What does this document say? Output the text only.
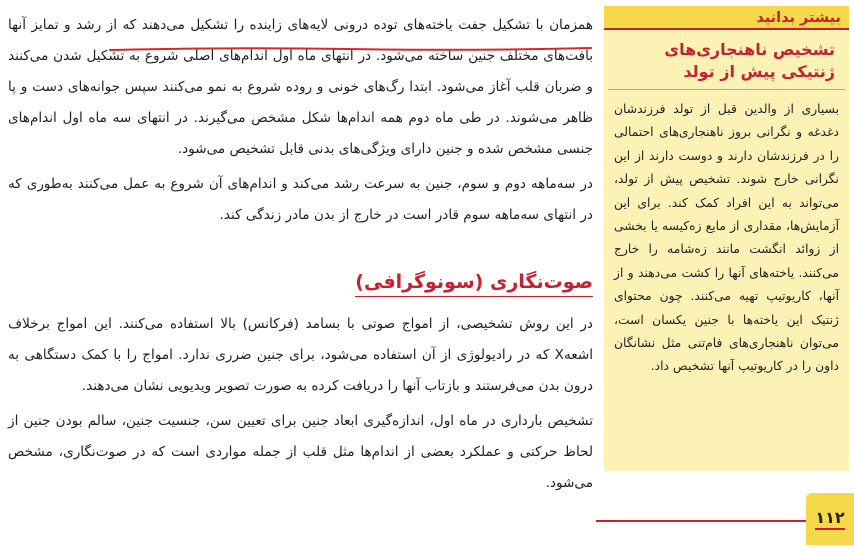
همزمان با تشکیل جفت یاخته‌های توده درونی لایه‌های زاینده را تشکیل می‌دهند که از رشد و تمایز آنها بافت‌های مختلف جنین ساخته می‌شود. در انتهای ماه اول اندام‌های اصلی شروع به تشکیل شدن می‌کنند و ضربان قلب آغاز می‌شود. ابتدا رگ‌های خونی و روده شروع به نمو می‌کنند سپس جوانه‌های دست و پا ظاهر می‌شوند. در طی ماه دوم همه اندام‌ها شکل مشخص می‌گیرند. در انتهای سه ماه اول اندام‌های جنسی مشخص شده و جنین دارای ویژگی‌های بدنی قابل تشخیص می‌شود.

در سه‌ماهه دوم و سوم، جنین به سرعت رشد می‌کند و اندام‌های آن شروع به عمل می‌کنند به‌طوری که در انتهای سه‌ماهه سوم قادر است در خارج از بدن مادر زندگی کند.

صوت‌نگاری (سونوگرافی)

در این روش تشخیصی، از امواج صوتی با بسامد (فرکانس) بالا استفاده می‌کنند. این امواج برخلاف اشعهX که در رادیولوژی از آن استفاده می‌شود، برای جنین ضرری ندارد. امواج را با کمک دستگاهی به درون بدن می‌فرستند و بازتاب آنها را دریافت کرده به صورت تصویر ویدیویی نشان می‌دهند.

تشخیص بارداری در ماه اول، اندازه‌گیری ابعاد جنین برای تعیین سن، جنسیت جنین، سالم بودن جنین از لحاظ حرکتی و عملکرد بعضی از اندام‌ها مثل قلب از جمله مواردی است که در صوت‌نگاری، مشخص می‌شود.

بیشتر بدانید
تشخیص ناهنجاری‌های ژنتیکی پیش از تولد

بسیاری از والدین قبل از تولد فرزندشان دغدغه و نگرانی بروز ناهنجاری‌های احتمالی را در فرزندشان دارند و دوست دارند از این نگرانی خارج شوند. تشخیص پیش از تولد، می‌تواند به این افراد کمک کند. برای این آزمایش‌ها، مقداری از مایع زه‌کیسه یا بخشی از زوائد انگشت مانند زه‌شامه را خارج می‌کنند. یاخته‌های آنها را کشت می‌دهند و از آنها، کاریوتیپ تهیه می‌کنند. چون محتوای ژنتیک این یاخته‌ها با جنین یکسان است، می‌توان ناهنجاری‌های فام‌تنی مثل نشانگان داون را در کاریوتیپ آنها تشخیص داد.

۱۱۲
